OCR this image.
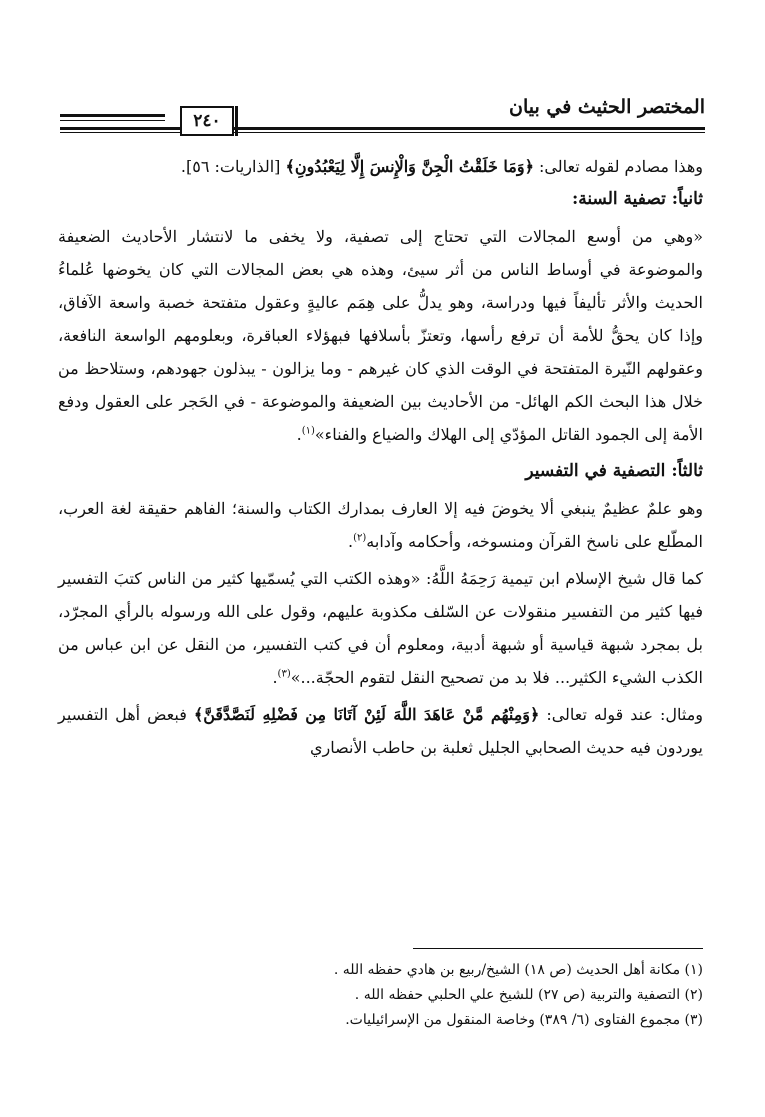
المختصر الحثيث في بيان
٢٤٠

وهذا مصادم لقوله تعالى: ﴿وَمَا خَلَقْتُ الْجِنَّ وَالْإِنسَ إِلَّا لِيَعْبُدُونِ﴾ [الذاريات: ٥٦].

ثانياً: تصفية السنة:

«وهي من أوسع المجالات التي تحتاج إلى تصفية، ولا يخفى ما لانتشار الأحاديث الضعيفة والموضوعة في أوساط الناس من أثر سيئ، وهذه هي بعض المجالات التي كان يخوضها عُلماءُ الحديث والأثر تأليفاً فيها ودراسة، وهو يدلُّ على هِمَم عاليةٍ وعقول متفتحة خصبة واسعة الآفاق، وإذا كان يحقُّ للأمة أن ترفع رأسها، وتعتزّ بأسلافها فبهؤلاء العباقرة، وبعلومهم الواسعة النافعة، وعقولهم النّيرة المتفتحة في الوقت الذي كان غيرهم - وما يزالون - يبذلون جهودهم، وستلاحظ من خلال هذا البحث الكم الهائل- من الأحاديث بين الضعيفة والموضوعة - في الحَجر على العقول ودفع الأمة إلى الجمود القاتل المؤدّي إلى الهلاك والضياع والفناء»$^{(١)}$.

ثالثاً: التصفية في التفسير

وهو علمٌ عظيمٌ ينبغي ألا يخوضَ فيه إلا العارف بمدارك الكتاب والسنة؛ الفاهم حقيقة لغة العرب، المطّلع على ناسخ القرآن ومنسوخه، وأحكامه وآدابه$^{(٢)}$.

كما قال شيخ الإسلام ابن تيمية رَحِمَهُ اللَّهُ: «وهذه الكتب التي يُسمّيها كثير من الناس كتبَ التفسير فيها كثير من التفسير منقولات عن السّلف مكذوبة عليهم، وقول على الله ورسوله بالرأي المجرّد، بل بمجرد شبهة قياسية أو شبهة أدبية، ومعلوم أن في كتب التفسير، من النقل عن ابن عباس من الكذب الشيء الكثير... فلا بد من تصحيح النقل لتقوم الحجّة...»$^{(٣)}$.

ومثال: عند قوله تعالى: ﴿وَمِنْهُم مَّنْ عَاهَدَ اللَّهَ لَئِنْ آتَانَا مِن فَضْلِهِ لَنَصَّدَّقَنَّ﴾ فبعض أهل التفسير يوردون فيه حديث الصحابي الجليل ثعلبة بن حاطب الأنصاري

(١) مكانة أهل الحديث (ص ١٨) الشيخ/ربيع بن هادي حفظه الله .

(٢) التصفية والتربية (ص ٢٧) للشيخ علي الحلبي حفظه الله .

(٣) مجموع الفتاوى (٦/ ٣٨٩) وخاصة المنقول من الإسرائيليات.
